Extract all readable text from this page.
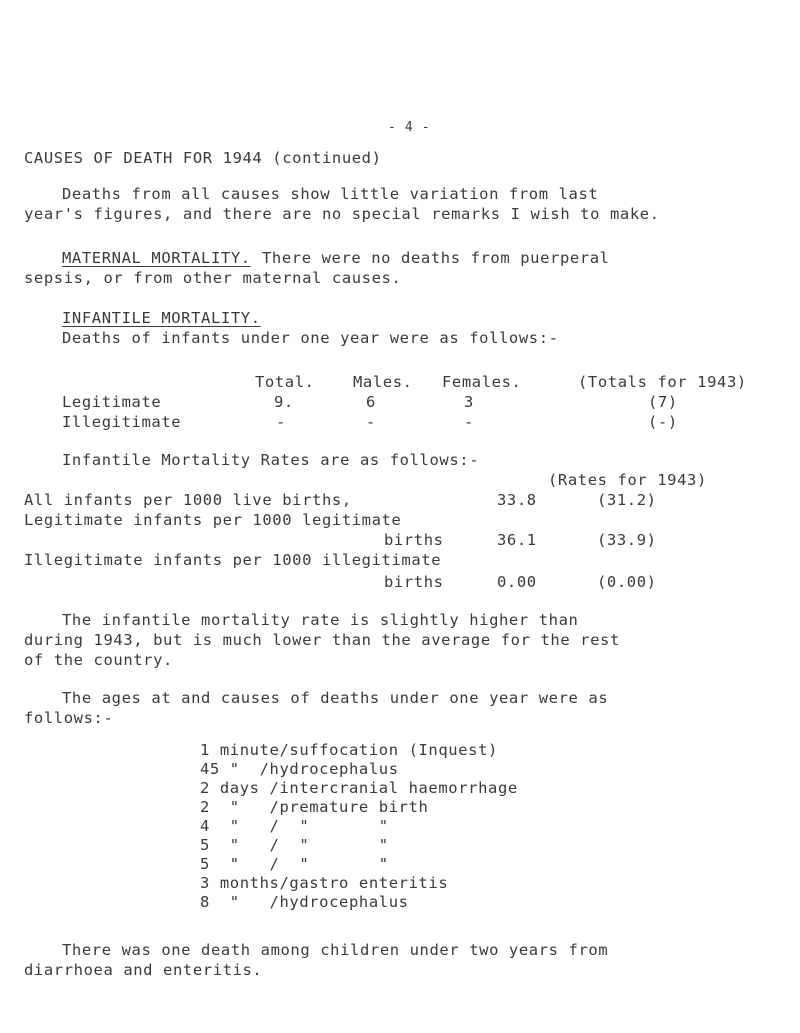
- 4 -
CAUSES OF DEATH FOR 1944 (continued)
Deaths from all causes show little variation from last
year's figures, and there are no special remarks I wish to make.
MATERNAL MORTALITY. There were no deaths from puerperal
sepsis, or from other maternal causes.
INFANTILE MORTALITY.
Deaths of infants under one year were as follows:-
Total. Males. Females.	(Totals for 1943)
Legitimate	9.	6	3	(7)
Illegitimate	-	-	-	(-)
Infantile Mortality Rates are as follows:-
(Rates for 1943)
All infants per 1000 live births,	33.8	(31.2)
Legitimate infants per 1000 legitimate
births	36.1	(33.9)
Illegitimate infants per 1000 illegitimate
births	0.00	(0.00)
The infantile mortality rate is slightly higher than
during 1943, but is much lower than the average for the rest
of the country.
The ages at and causes of deaths under one year were as
follows:-
1 minute/suffocation (Inquest)
45 "  /hydrocephalus
2 days /intercranial haemorrhage
2  "   /premature birth
4  "   /  "       "
5  "   /  "       "
5  "   /  "       "
3 months/gastro enteritis
8  "   /hydrocephalus
There was one death among children under two years from
diarrhoea and enteritis.
